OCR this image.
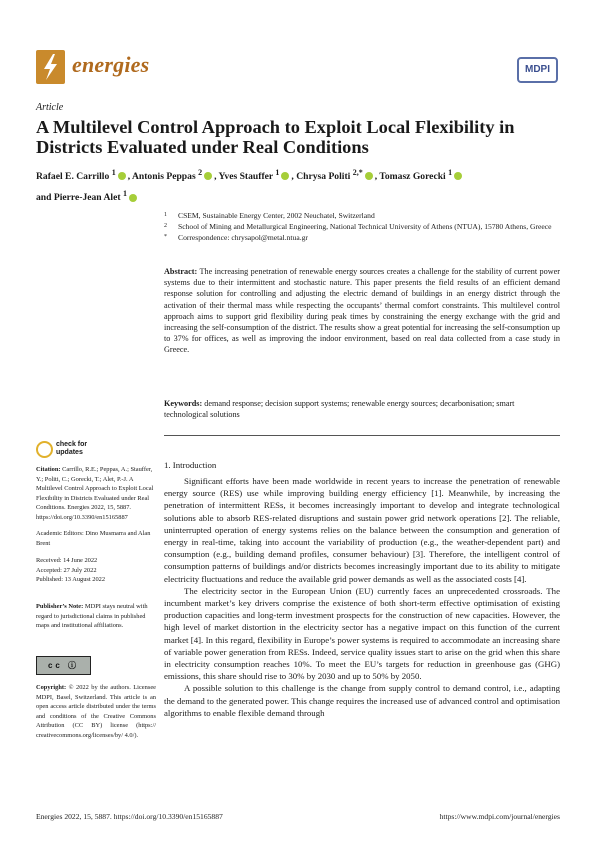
energies	MDPI
Article
A Multilevel Control Approach to Exploit Local Flexibility in Districts Evaluated under Real Conditions
Rafael E. Carrillo $^1$ , Antonis Peppas $^2$ , Yves Stauffer $^1$ , Chrysa Politi $^{2,*}$ , Tomasz Gorecki $^1$
and Pierre-Jean Alet $^1$
1	CSEM, Sustainable Energy Center, 2002 Neuchatel, Switzerland
2	School of Mining and Metallurgical Engineering, National Technical University of Athens (NTUA), 15780 Athens, Greece
*	Correspondence: chrysapol@metal.ntua.gr
Abstract: The increasing penetration of renewable energy sources creates a challenge for the stability of current power systems due to their intermittent and stochastic nature. This paper presents the field results of an efficient demand response solution for controlling and adjusting the electric demand of buildings in an energy district through the activation of their thermal mass while respecting the occupants’ thermal comfort constraints. This multilevel control approach aims to support grid flexibility during peak times by constraining the energy exchange with the grid and increasing the self-consumption of the district. The results show a great potential for increasing the self-consumption up to 37% for offices, as well as improving the indoor environment, based on real data collected from a case study in Greece.
Keywords: demand response; decision support systems; renewable energy sources; decarbonisation; smart technological solutions
check for
updates
Citation: Carrillo, R.E.; Peppas, A.; Stauffer, Y.; Politi, C.; Gorecki, T.; Alet, P.-J. A Multilevel Control Approach to Exploit Local Flexibility in Districts Evaluated under Real Conditions. Energies 2022, 15, 5887. https://doi.org/10.3390/en15165887
Academic Editors: Dino Musmarra and Alan Brent
Received: 14 June 2022
Accepted: 27 July 2022
Published: 13 August 2022
Publisher’s Note: MDPI stays neutral with regard to jurisdictional claims in published maps and institutional affiliations.
cc ⓘ
Copyright: © 2022 by the authors. Licensee MDPI, Basel, Switzerland. This article is an open access article distributed under the terms and conditions of the Creative Commons Attribution (CC BY) license (https:// creativecommons.org/licenses/by/ 4.0/).
1. Introduction

Significant efforts have been made worldwide in recent years to increase the penetration of renewable energy source (RES) use while improving building energy efficiency [1]. Meanwhile, by increasing the penetration of intermittent RESs, it becomes increasingly important to develop and integrate technological solutions able to absorb RES-related disruptions and sustain power grid network operations [2]. The reliable, uninterrupted operation of energy systems relies on the balance between the consumption and generation of energy in real-time, taking into account the variability of production (e.g., the weather-dependent part) and consumption (e.g., building demand profiles, consumer behaviour) [3]. Therefore, the intelligent control of consumption patterns of buildings and/or districts becomes increasingly important due to its ability to mitigate electricity fluctuations and reduce the available grid power demands as well as the associated costs [4].

The electricity sector in the European Union (EU) currently faces an unprecedented crossroads. The incumbent market’s key drivers comprise the existence of both short-term effective optimisation of existing production capacities and long-term investment prospects for the construction of new capacities. However, the high level of market distortion in the electricity sector has a negative impact on this function of the current market [4]. In this regard, flexibility in Europe’s power systems is required to accommodate an increasing share of variable power generation from RESs. Indeed, service quality issues start to arise on the grid when this share in electricity consumption reaches 10%. To meet the EU’s targets for reduction in greenhouse gas (GHG) emissions, this share should rise to 30% by 2030 and up to 50% by 2050.

A possible solution to this challenge is the change from supply control to demand control, i.e., adapting the demand to the generated power. This change requires the increased use of advanced control and optimisation algorithms to enable flexible demand through

Energies 2022, 15, 5887. https://doi.org/10.3390/en15165887	https://www.mdpi.com/journal/energies
